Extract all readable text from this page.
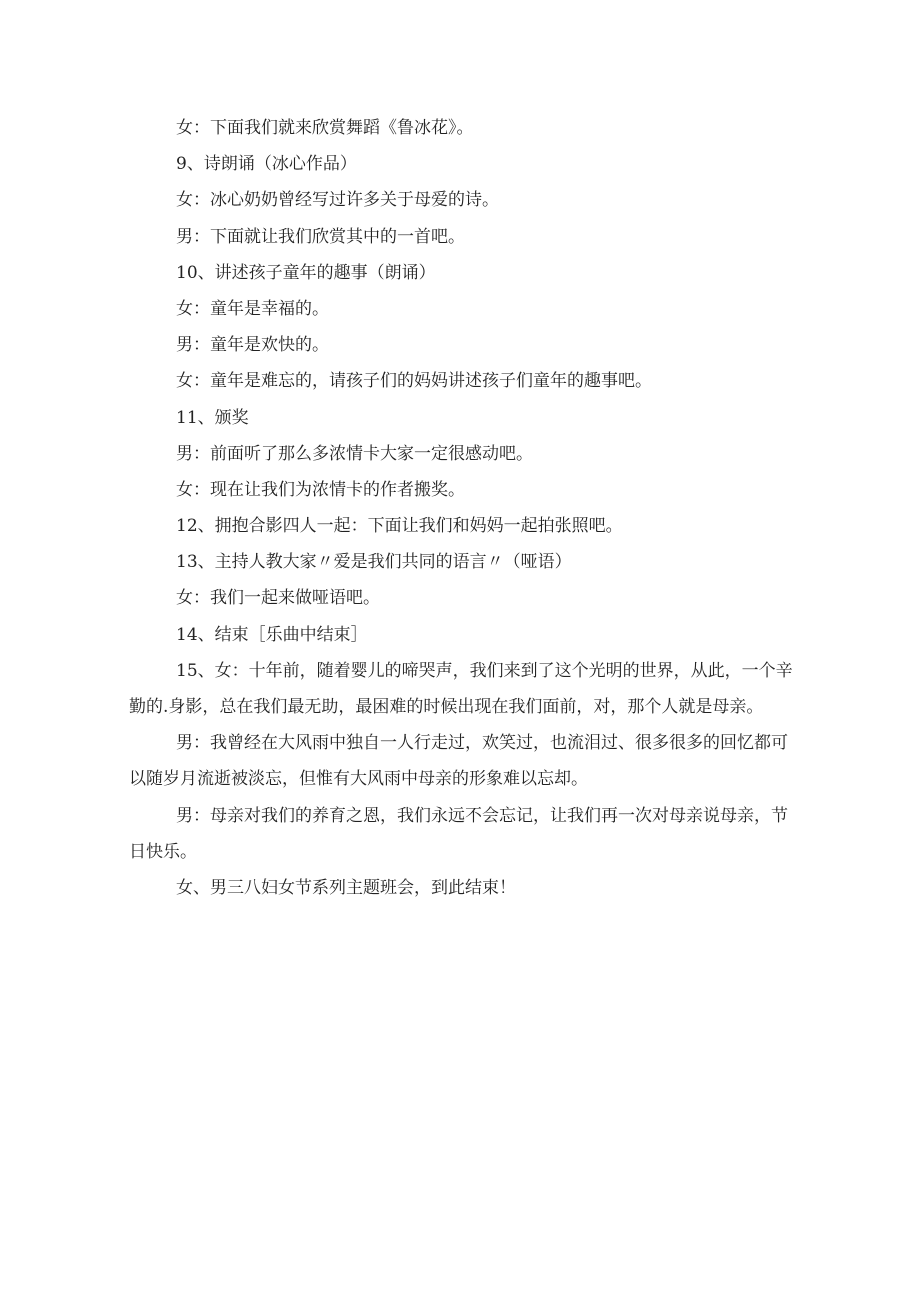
女：下面我们就来欣赏舞蹈《鲁冰花》。

9、诗朗诵（冰心作品）

女：冰心奶奶曾经写过许多关于母爱的诗。

男：下面就让我们欣赏其中的一首吧。

10、讲述孩子童年的趣事（朗诵）

女：童年是幸福的。

男：童年是欢快的。

女：童年是难忘的，请孩子们的妈妈讲述孩子们童年的趣事吧。

11、颁奖

男：前面听了那么多浓情卡大家一定很感动吧。

女：现在让我们为浓情卡的作者搬奖。

12、拥抱合影四人一起：下面让我们和妈妈一起拍张照吧。

13、主持人教大家〃爱是我们共同的语言〃（哑语）

女：我们一起来做哑语吧。

14、结束［乐曲中结束］

15、女：十年前，随着婴儿的啼哭声，我们来到了这个光明的世界，从此，一个辛
勤的.身影，总在我们最无助，最困难的时候出现在我们面前，对，那个人就是母亲。
男：我曾经在大风雨中独自一人行走过，欢笑过，也流泪过、很多很多的回忆都可
以随岁月流逝被淡忘，但惟有大风雨中母亲的形象难以忘却。
男：母亲对我们的养育之恩，我们永远不会忘记，让我们再一次对母亲说母亲，节
日快乐。

女、男三八妇女节系列主题班会，到此结束！
